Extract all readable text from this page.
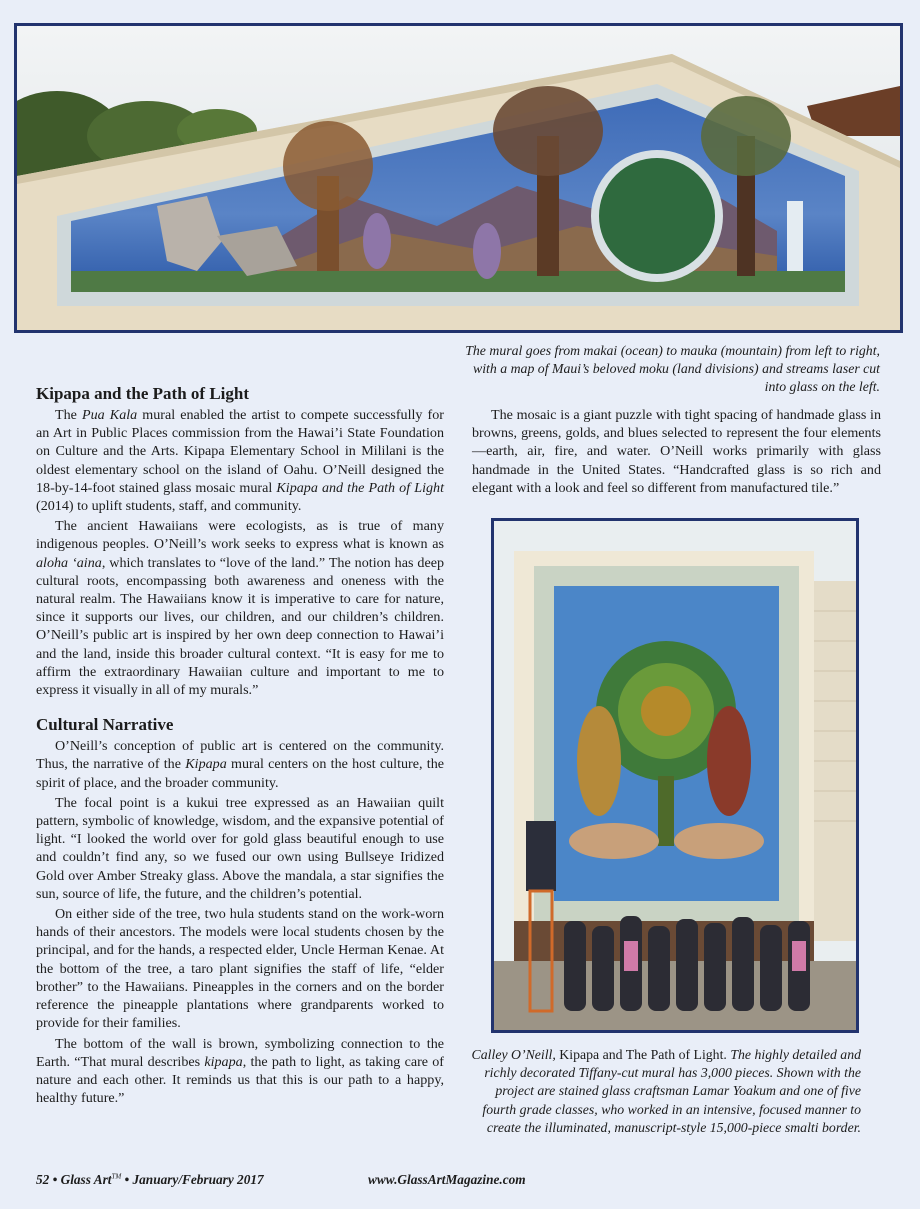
The mural goes from makai (ocean) to mauka (mountain) from left to right, with a map of Maui’s beloved moku (land divisions) and streams laser cut into glass on the left.
Kipapa and the Path of Light

The Pua Kala mural enabled the artist to compete successfully for an Art in Public Places commission from the Hawai’i State Foundation on Culture and the Arts. Kipapa Elementary School in Mililani is the oldest elementary school on the island of Oahu. O’Neill designed the 18-by-14-foot stained glass mosaic mural Kipapa and the Path of Light (2014) to uplift students, staff, and community.

The ancient Hawaiians were ecologists, as is true of many indigenous peoples. O’Neill’s work seeks to express what is known as aloha ‘aina, which translates to “love of the land.” The notion has deep cultural roots, encompassing both awareness and oneness with the natural realm. The Hawaiians know it is imperative to care for nature, since it supports our lives, our children, and our children’s children. O’Neill’s public art is inspired by her own deep connection to Hawai’i and the land, inside this broader cultural context. “It is easy for me to affirm the extraordinary Hawaiian culture and important to me to express it visually in all of my murals.”

Cultural Narrative

O’Neill’s conception of public art is centered on the community. Thus, the narrative of the Kipapa mural centers on the host culture, the spirit of place, and the broader community.

The focal point is a kukui tree expressed as an Hawaiian quilt pattern, symbolic of knowledge, wisdom, and the expansive potential of light. “I looked the world over for gold glass beautiful enough to use and couldn’t find any, so we fused our own using Bullseye Iridized Gold over Amber Streaky glass. Above the mandala, a star signifies the sun, source of life, the future, and the children’s potential.

On either side of the tree, two hula students stand on the work-worn hands of their ancestors. The models were local students chosen by the principal, and for the hands, a respected elder, Uncle Herman Kenae. At the bottom of the tree, a taro plant signifies the staff of life, “elder brother” to the Hawaiians. Pineapples in the corners and on the border reference the pineapple plantations where grandparents worked to provide for their families.

The bottom of the wall is brown, symbolizing connection to the Earth. “That mural describes kipapa, the path to light, as taking care of nature and each other. It reminds us that this is our path to a happy, healthy future.”

The mosaic is a giant puzzle with tight spacing of handmade glass in browns, greens, golds, and blues selected to represent the four elements—earth, air, fire, and water. O’Neill works primarily with glass handmade in the United States. “Handcrafted glass is so rich and elegant with a look and feel so different from manufactured tile.”

Calley O’Neill, Kipapa and The Path of Light. The highly detailed and richly decorated Tiffany-cut mural has 3,000 pieces. Shown with the project are stained glass craftsman Lamar Yoakum and one of five fourth grade classes, who worked in an intensive, focused manner to create the illuminated, manuscript-style 15,000-piece smalti border.
52 • Glass Art™ • January/February 2017	www.GlassArtMagazine.com
